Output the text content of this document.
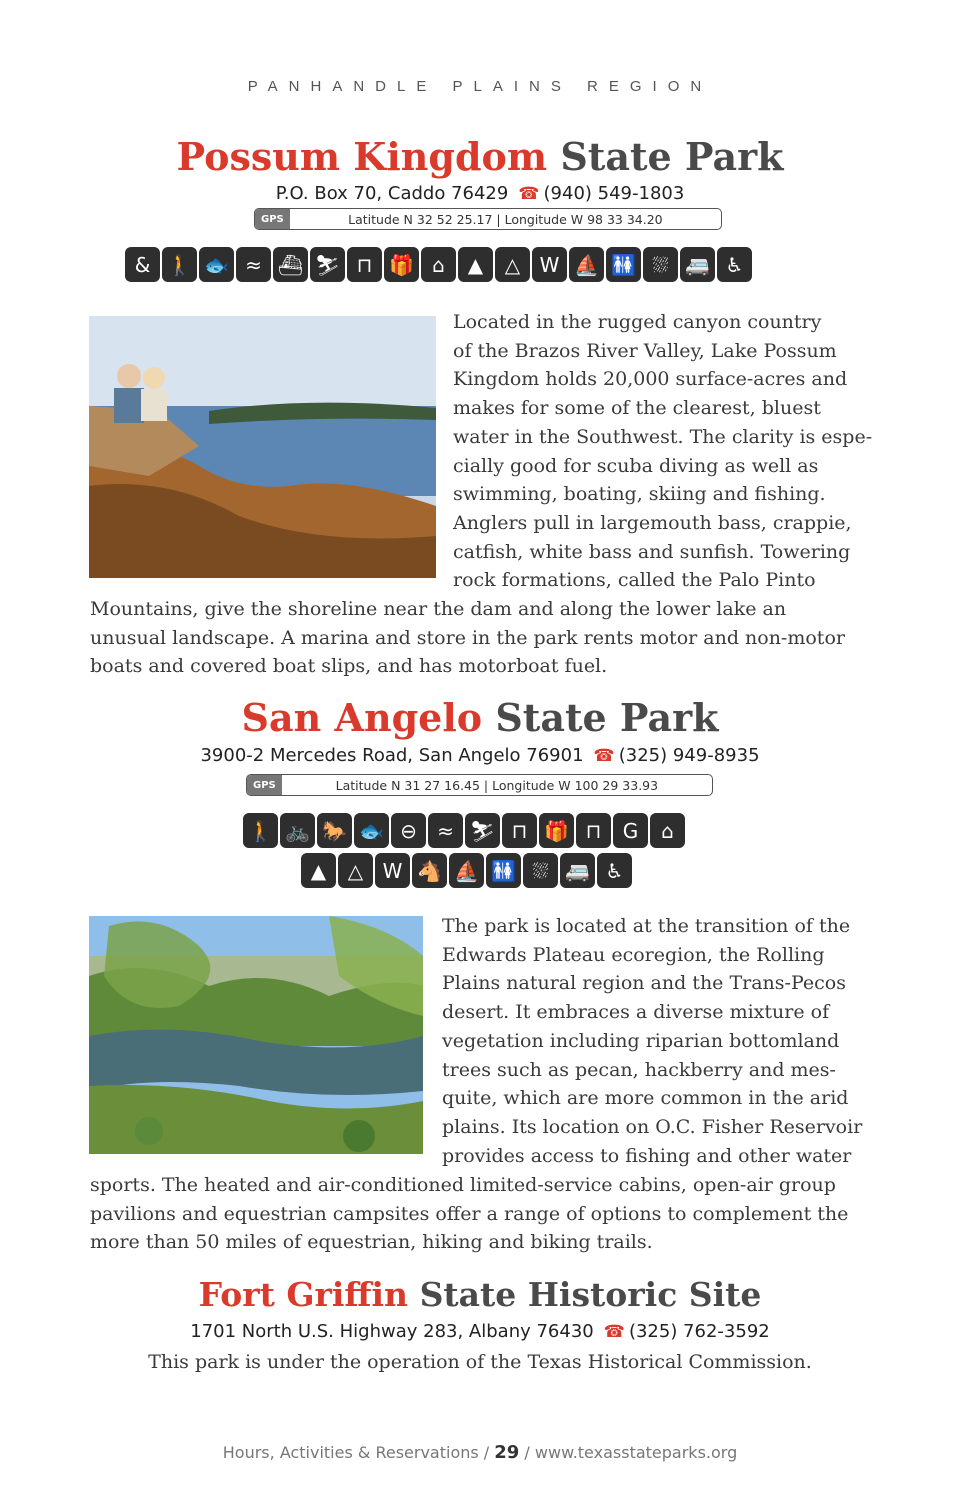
PANHANDLE PLAINS REGION
Possum Kingdom State Park
P.O. Box 70, Caddo 76429 ☎ (940) 549-1803
GPS	Latitude N 32 52 25.17 | Longitude W 98 33 34.20
& 🚶 🐟 ≈ ⛴ ⛷ ⊓ 🎁 ⌂	▲	△ W ⛵ 🚻 ⛆ 🚐 ♿
Located in the rugged canyon country
of the Brazos River Valley, Lake Possum
Kingdom holds 20,000 surface-acres and
makes for some of the clearest, bluest
water in the Southwest. The clarity is espe-
cially good for scuba diving as well as
swimming, boating, skiing and fishing.
Anglers pull in largemouth bass, crappie,
catfish, white bass and sunfish. Towering
rock formations, called the Palo Pinto
Mountains, give the shoreline near the dam and along the lower lake an
unusual landscape. A marina and store in the park rents motor and non-motor
boats and covered boat slips, and has motorboat fuel.
San Angelo State Park
3900-2 Mercedes Road, San Angelo 76901 ☎ (325) 949-8935
GPS	Latitude N 31 27 16.45 | Longitude W 100 29 33.93
🚶 🚲 🐎 🐟 ⊖	≈ ⛷ ⊓ 🎁 ⊓	G	⌂
▲	△ W 🐴 ⛵ 🚻 ⛆ 🚐 ♿
The park is located at the transition of the
Edwards Plateau ecoregion, the Rolling
Plains natural region and the Trans-Pecos
desert. It embraces a diverse mixture of
vegetation including riparian bottomland
trees such as pecan, hackberry and mes-
quite, which are more common in the arid
plains. Its location on O.C. Fisher Reservoir
provides access to fishing and other water
sports. The heated and air-conditioned limited-service cabins, open-air group
pavilions and equestrian campsites offer a range of options to complement the
more than 50 miles of equestrian, hiking and biking trails.
Fort Griffin State Historic Site
1701 North U.S. Highway 283, Albany 76430 ☎ (325) 762-3592
This park is under the operation of the Texas Historical Commission.
Hours, Activities & Reservations / 29 / www.texasstateparks.org
